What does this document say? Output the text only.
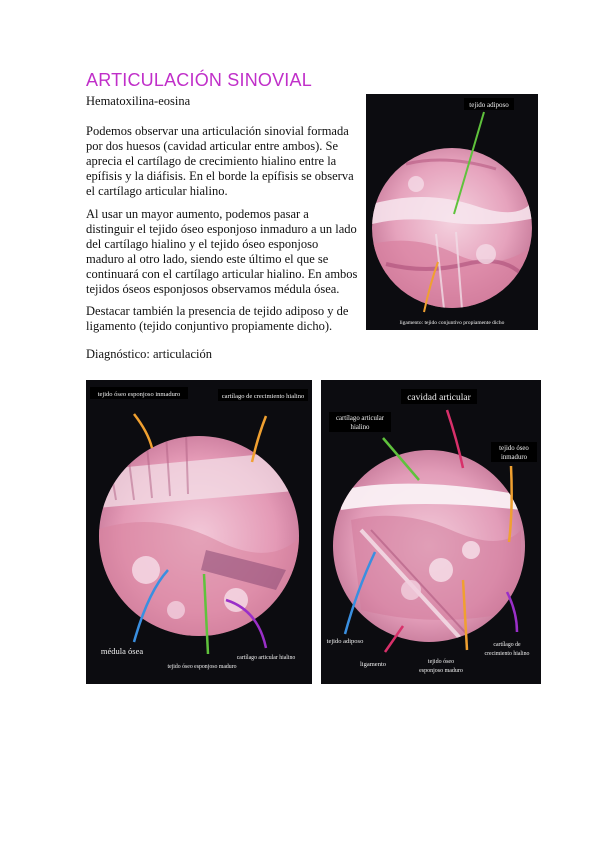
ARTICULACIÓN SINOVIAL
Hematoxilina-eosina

Podemos observar una articulación sinovial formada por dos huesos (cavidad articular entre ambos). Se aprecia el cartílago de crecimiento hialino entre la epífisis y la diáfisis. En el borde la epífisis se observa el cartílago articular hialino.

Al usar un mayor aumento, podemos pasar a distinguir el tejido óseo esponjoso inmaduro a un lado del cartílago hialino y el tejido óseo esponjoso maduro al otro lado, siendo este último el que se continuará con el cartílago articular hialino. En ambos tejidos óseos esponjosos observamos médula ósea.

Destacar también la presencia de tejido adiposo y de ligamento (tejido conjuntivo propiamente dicho).

Diagnóstico: articulación

tejido adiposo
ligamento: tejido conjuntivo propiamente dicho
tejido óseo esponjoso inmaduro	cartílago de crecimiento hialino
médula ósea
tejido óseo esponjoso maduro
cartílago articular hialino
cavidad articular
cartílago articular
hialino
tejido óseo
inmaduro
tejido adiposo
ligamento	tejido óseo
esponjoso maduro
cartílago de
crecimiento hialino
